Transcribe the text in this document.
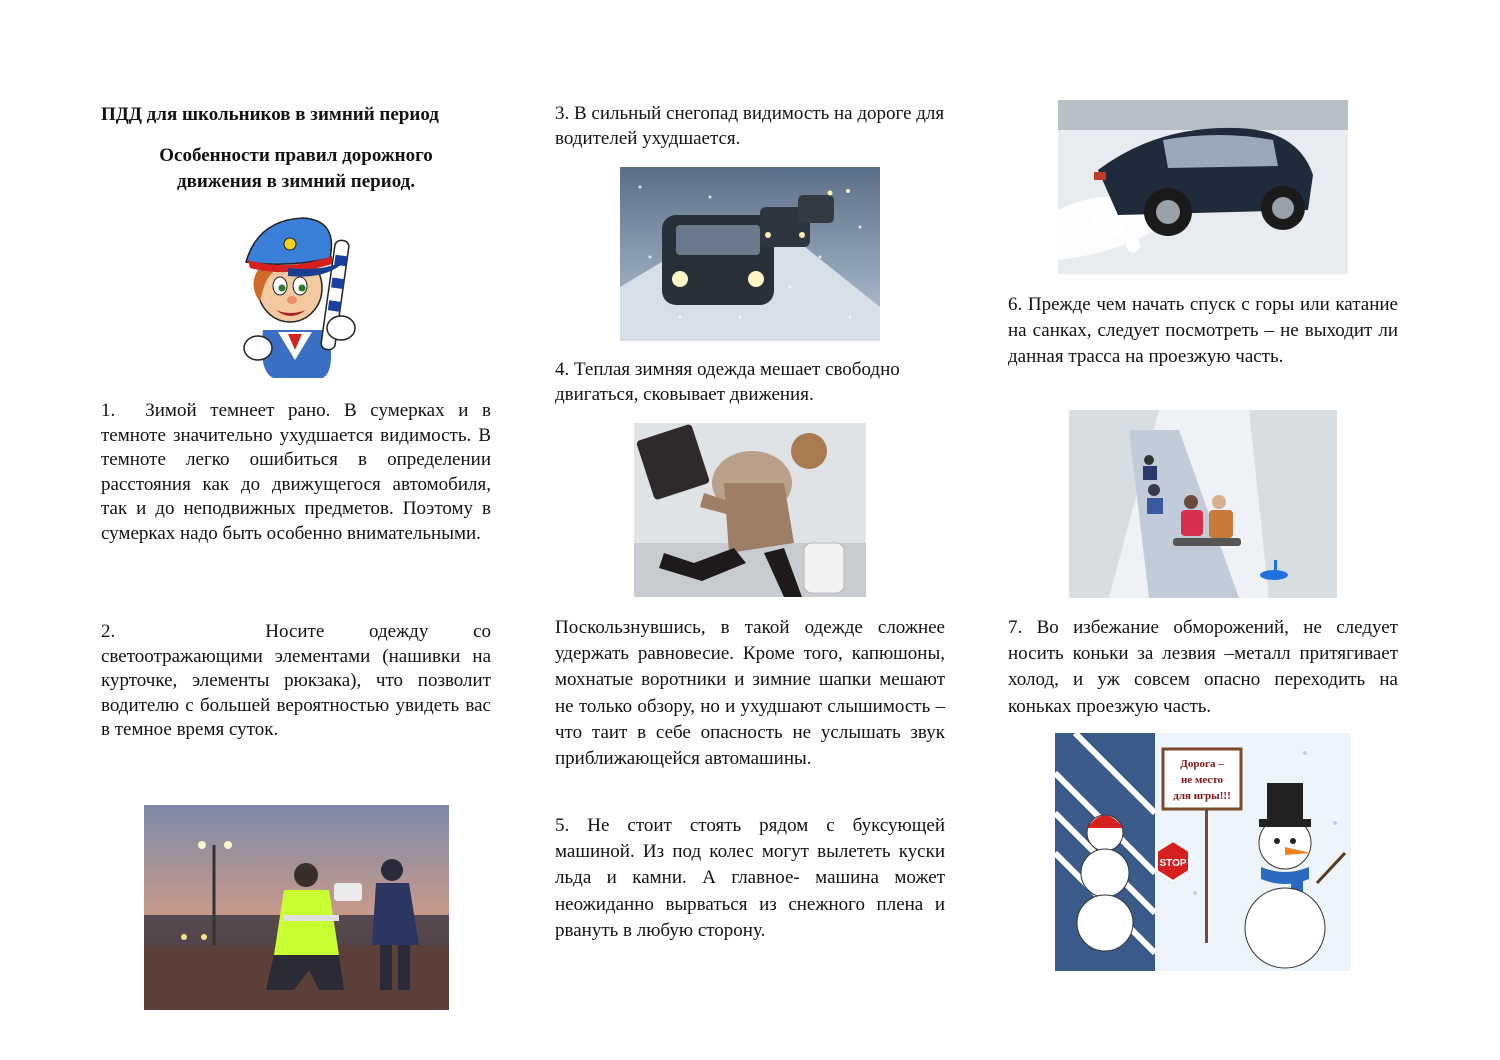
ПДД для школьников в зимний период

Особенности правил дорожного движения в зимний период.

1. Зимой темнеет рано. В сумерках и в темноте значительно ухудшается видимость. В темноте легко ошибиться в определении расстояния как до движущегося автомобиля, так и до неподвижных предметов. Поэтому в сумерках надо быть особенно внимательными.

2.	Носите одежду со светоотражающими элементами (нашивки на курточке, элементы рюкзака), что позволит водителю с большей вероятностью увидеть вас в темное время суток.

3. В сильный снегопад видимость на дороге для водителей ухудшается.

4. Теплая зимняя одежда мешает свободно двигаться, сковывает движения.

Поскользнувшись, в такой одежде сложнее удержать равновесие. Кроме того, капюшоны, мохнатые воротники и зимние шапки мешают не только обзору, но и ухудшают слышимость – что таит в себе опасность не услышать звук приближающейся автомашины.

5. Не стоит стоять рядом с буксующей машиной. Из под колес могут вылететь куски льда и камни. А главное- машина может неожиданно вырваться из снежного плена и рвануть в любую сторону.

6. Прежде чем начать спуск с горы или катание на санках, следует посмотреть – не выходит ли данная трасса на проезжую часть.

7. Во избежание обморожений, не следует носить коньки за лезвия –металл притягивает холод, и уж совсем опасно переходить на коньках проезжую часть.

Дорога –
не место
для игры!!!
STOP
